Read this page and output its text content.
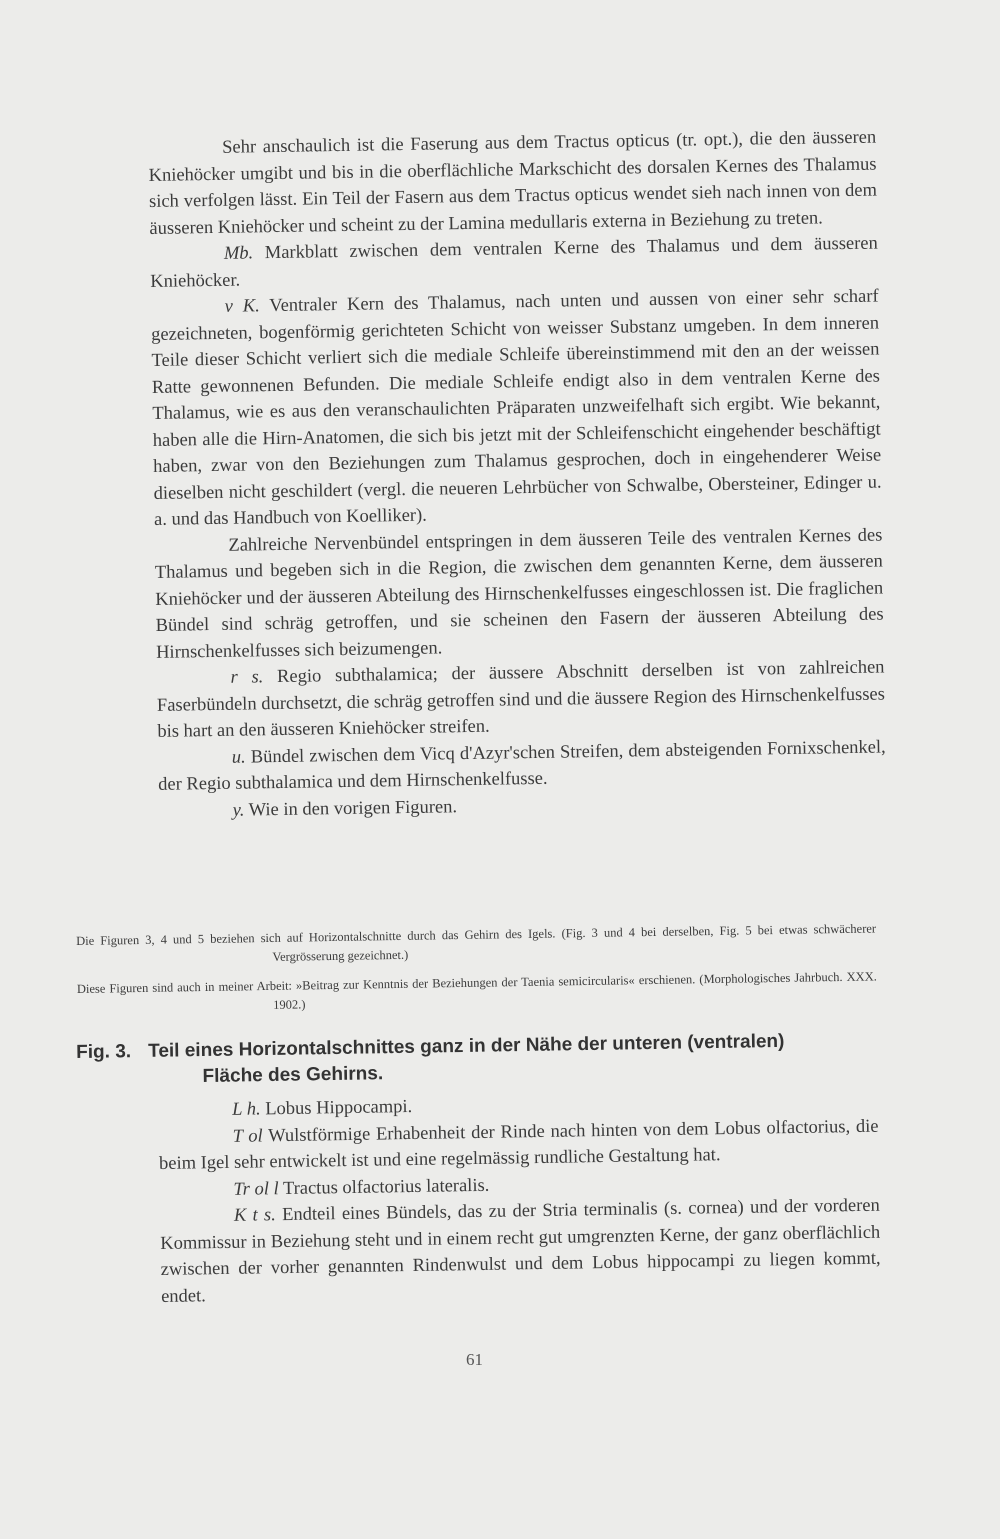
Sehr anschaulich ist die Faserung aus dem Tractus opticus (tr. opt.), die den äusseren Kniehöcker umgibt und bis in die oberflächliche Markschicht des dorsalen Kernes des Thalamus sich verfolgen lässt. Ein Teil der Fasern aus dem Tractus opticus wendet sieh nach innen von dem äusseren Kniehöcker und scheint zu der Lamina medullaris externa in Beziehung zu treten.

Mb. Markblatt zwischen dem ventralen Kerne des Thalamus und dem äusseren Kniehöcker.

v K. Ventraler Kern des Thalamus, nach unten und aussen von einer sehr scharf gezeichneten, bogenförmig gerichteten Schicht von weisser Substanz umgeben. In dem inneren Teile dieser Schicht verliert sich die mediale Schleife übereinstimmend mit den an der weissen Ratte gewonnenen Befunden. Die mediale Schleife endigt also in dem ventralen Kerne des Thalamus, wie es aus den veranschaulichten Präparaten unzweifelhaft sich ergibt. Wie bekannt, haben alle die Hirn-Anatomen, die sich bis jetzt mit der Schleifenschicht eingehender beschäftigt haben, zwar von den Beziehungen zum Thalamus gesprochen, doch in eingehenderer Weise dieselben nicht geschildert (vergl. die neueren Lehrbücher von Schwalbe, Obersteiner, Edinger u. a. und das Handbuch von Koelliker).

Zahlreiche Nervenbündel entspringen in dem äusseren Teile des ventralen Kernes des Thalamus und begeben sich in die Region, die zwischen dem genannten Kerne, dem äusseren Kniehöcker und der äusseren Abteilung des Hirnschenkelfusses eingeschlossen ist. Die fraglichen Bündel sind schräg getroffen, und sie scheinen den Fasern der äusseren Abteilung des Hirnschenkelfusses sich beizumengen.

r s. Regio subthalamica; der äussere Abschnitt derselben ist von zahlreichen Faserbündeln durchsetzt, die schräg getroffen sind und die äussere Region des Hirnschenkelfusses bis hart an den äusseren Kniehöcker streifen.

u. Bündel zwischen dem Vicq d'Azyr'schen Streifen, dem absteigenden Fornixschenkel, der Regio subthalamica und dem Hirnschenkelfusse.

y. Wie in den vorigen Figuren.

Die Figuren 3, 4 und 5 beziehen sich auf Horizontalschnitte durch das Gehirn des Igels. (Fig. 3 und 4 bei derselben, Fig. 5 bei etwas schwächerer Vergrösserung gezeichnet.)

Diese Figuren sind auch in meiner Arbeit: »Beitrag zur Kenntnis der Beziehungen der Taenia semicircularis« erschienen. (Morphologisches Jahrbuch. XXX. 1902.)

Fig. 3. Teil eines Horizontalschnittes ganz in der Nähe der unteren (ventralen)
Fläche des Gehirns.

L h. Lobus Hippocampi.

T ol Wulstförmige Erhabenheit der Rinde nach hinten von dem Lobus olfactorius, die beim Igel sehr entwickelt ist und eine regelmässig rundliche Gestaltung hat.

Tr ol l Tractus olfactorius lateralis.

K t s. Endteil eines Bündels, das zu der Stria terminalis (s. cornea) und der vorderen Kommissur in Beziehung steht und in einem recht gut umgrenzten Kerne, der ganz oberflächlich zwischen der vorher genannten Rindenwulst und dem Lobus hippocampi zu liegen kommt, endet.

61
